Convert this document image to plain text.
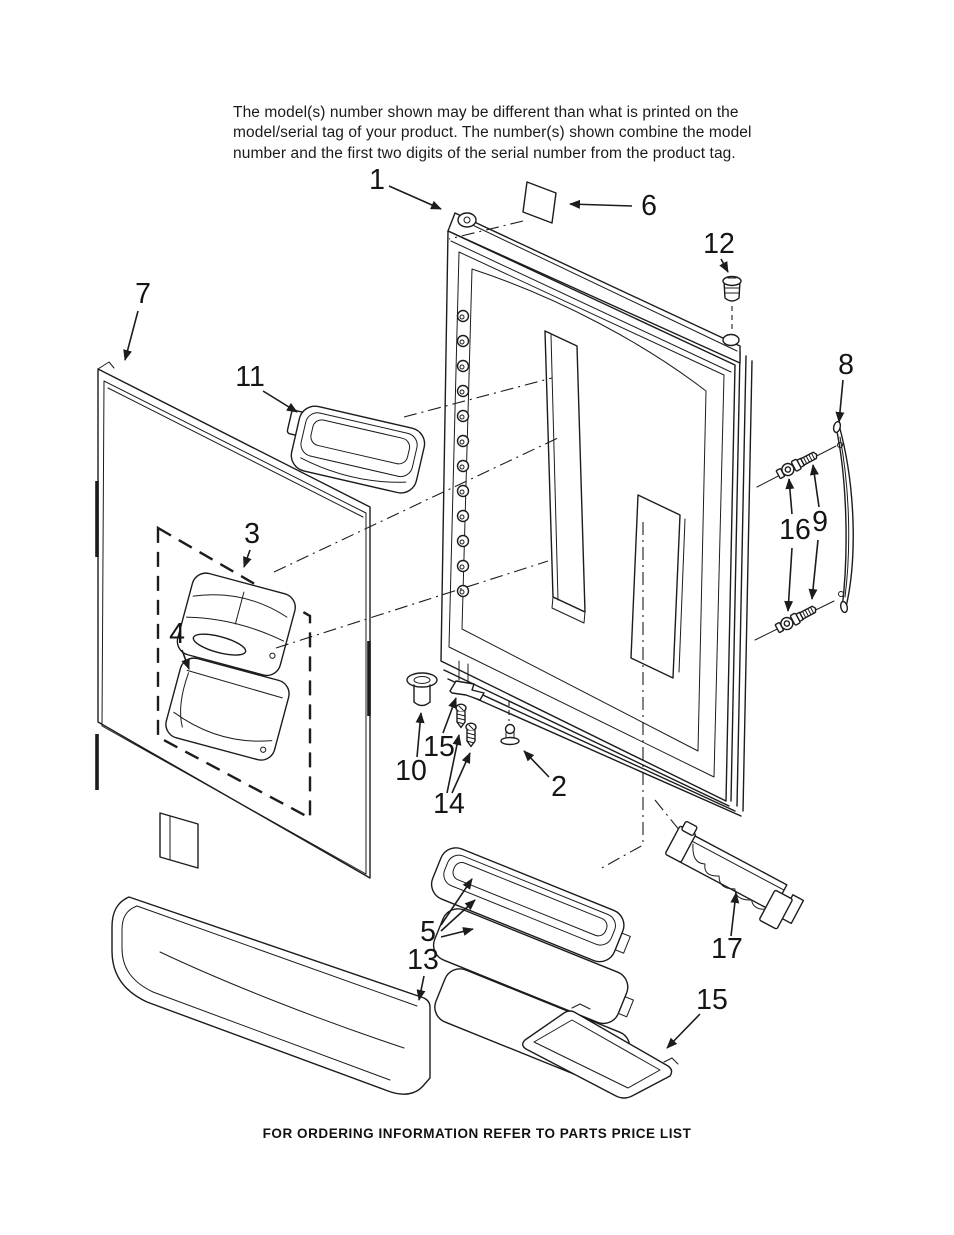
The model(s) number shown may be different than what is printed on the
model/serial tag of your product. The number(s) shown combine the model
number and the first two digits of the serial number from the product tag.
1
6
7
12
8
11
3
4
16 9
10
15
14
2
5
13	17
15
FOR ORDERING INFORMATION REFER TO PARTS PRICE LIST
